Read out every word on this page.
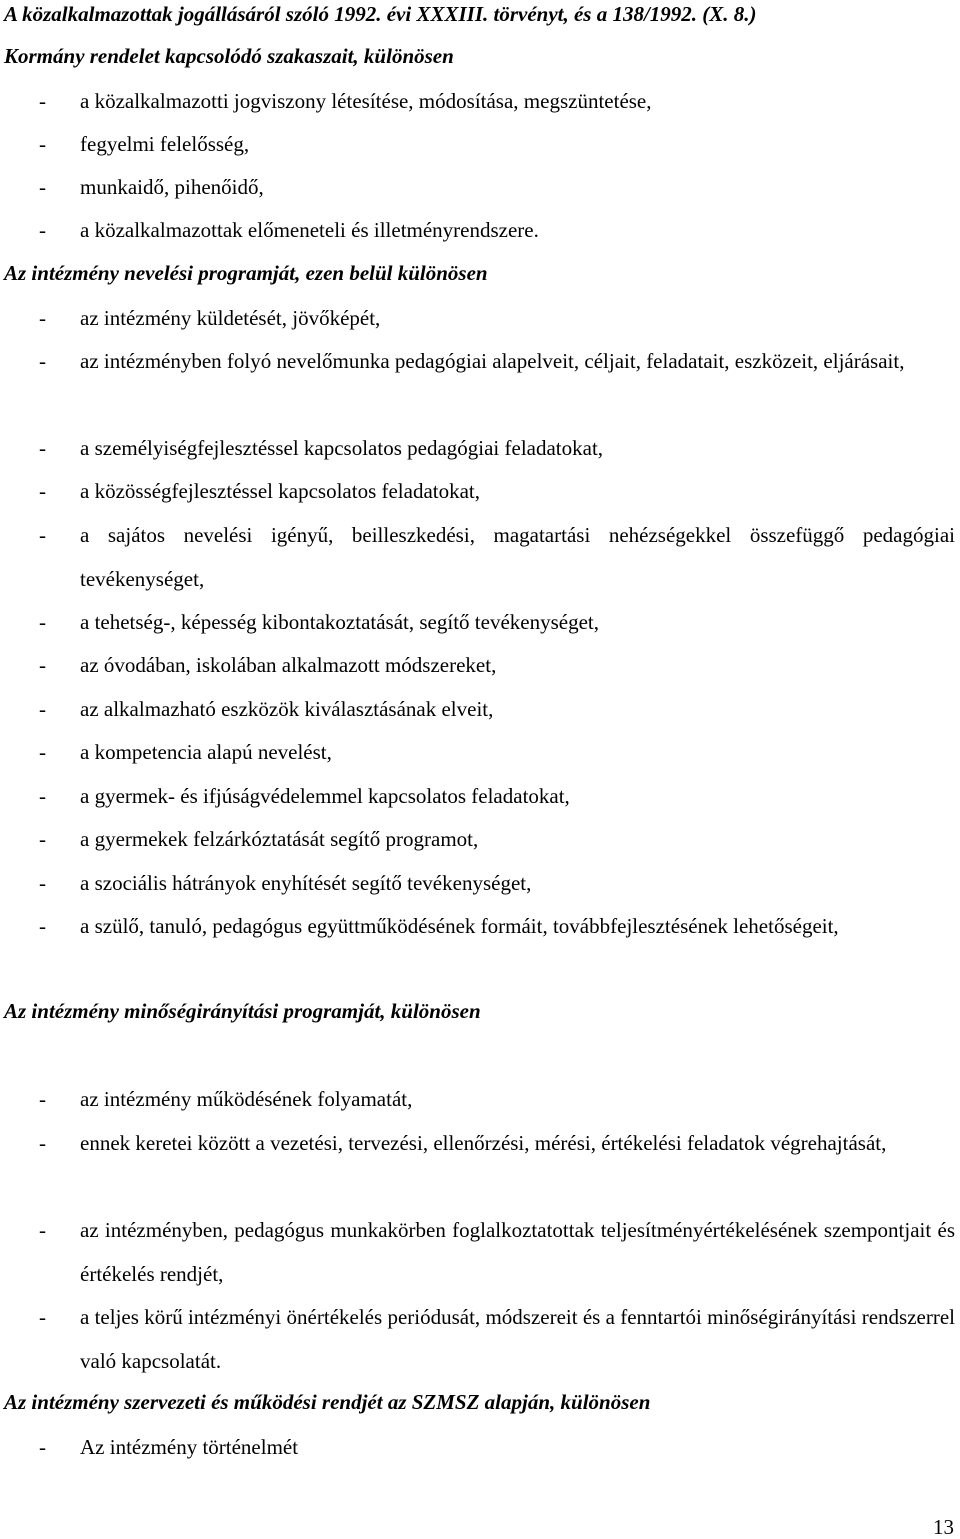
A közalkalmazottak jogállásáról szóló 1992. évi XXXIII. törvényt, és a 138/1992. (X. 8.)
Kormány rendelet kapcsolódó szakaszait, különösen
- a közalkalmazotti jogviszony létesítése, módosítása, megszüntetése,
- fegyelmi felelősség,
- munkaidő, pihenőidő,
- a közalkalmazottak előmeneteli és illetményrendszere.
Az intézmény nevelési programját, ezen belül különösen
- az intézmény küldetését, jövőképét,
- az intézményben folyó nevelőmunka pedagógiai alapelveit, céljait, feladatait, eszközeit, eljárásait,
- a személyiségfejlesztéssel kapcsolatos pedagógiai feladatokat,
- a közösségfejlesztéssel kapcsolatos feladatokat,
- a sajátos nevelési igényű, beilleszkedési, magatartási nehézségekkel összefüggő pedagógiai tevékenységet,
- a tehetség-, képesség kibontakoztatását, segítő tevékenységet,
- az óvodában, iskolában alkalmazott módszereket,
- az alkalmazható eszközök kiválasztásának elveit,
- a kompetencia alapú nevelést,
- a gyermek- és ifjúságvédelemmel kapcsolatos feladatokat,
- a gyermekek felzárkóztatását segítő programot,
- a szociális hátrányok enyhítését segítő tevékenységet,
- a szülő, tanuló, pedagógus együttműködésének formáit, továbbfejlesztésének lehetőségeit,
Az intézmény minőségirányítási programját, különösen
- az intézmény működésének folyamatát,
- ennek keretei között a vezetési, tervezési, ellenőrzési, mérési, értékelési feladatok végrehajtását,
- az intézményben, pedagógus munkakörben foglalkoztatottak teljesítményértékelésének szempontjait és értékelés rendjét,
- a teljes körű intézményi önértékelés periódusát, módszereit és a fenntartói minőségirányítási rendszerrel való kapcsolatát.
Az intézmény szervezeti és működési rendjét az SZMSZ alapján, különösen
- Az intézmény történelmét
13
